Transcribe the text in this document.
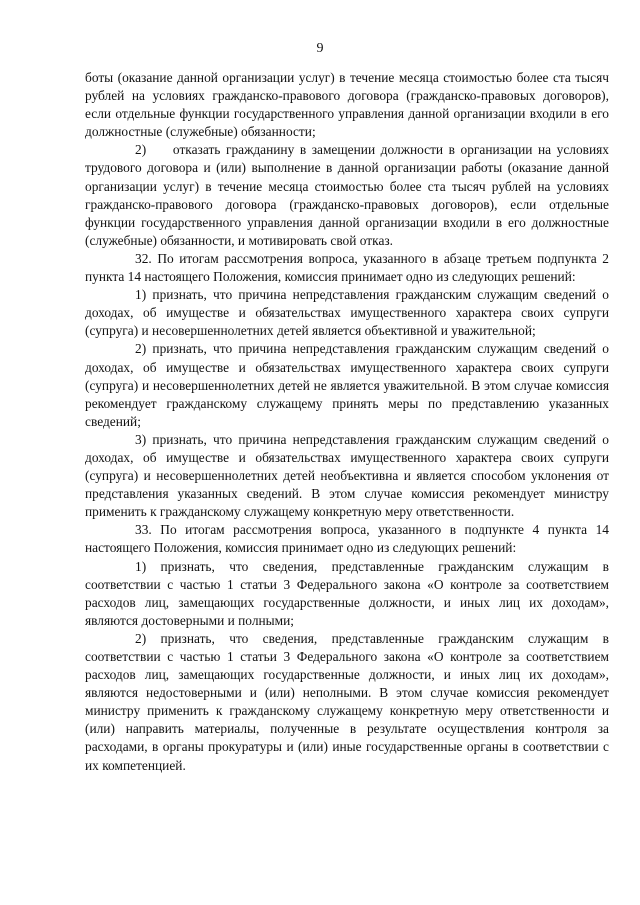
9

боты (оказание данной организации услуг) в течение месяца стоимостью более ста тысяч рублей на условиях гражданско-правового договора (гражданско-правовых договоров), если отдельные функции государственного управления данной организации входили в его должностные (служебные) обязанности;

2)  отказать гражданину в замещении должности в организации на условиях трудового договора и (или) выполнение в данной организации работы (оказание данной организации услуг) в течение месяца стоимостью более ста тысяч рублей на условиях гражданско-правового договора (гражданско-правовых договоров), если отдельные функции государственного управления данной организации входили в его должностные (служебные) обязанности, и мотивировать свой отказ.

32. По итогам рассмотрения вопроса, указанного в абзаце третьем подпункта 2 пункта 14 настоящего Положения, комиссия принимает одно из следующих решений:

1) признать, что причина непредставления гражданским служащим сведений о доходах, об имуществе и обязательствах имущественного характера своих супруги (супруга) и несовершеннолетних детей является объективной и уважительной;

2) признать, что причина непредставления гражданским служащим сведений о доходах, об имуществе и обязательствах имущественного характера своих супруги (супруга) и несовершеннолетних детей не является уважительной. В этом случае комиссия рекомендует гражданскому служащему принять меры по представлению указанных сведений;

3) признать, что причина непредставления гражданским служащим сведений о доходах, об имуществе и обязательствах имущественного характера своих супруги (супруга) и несовершеннолетних детей необъективна и является способом уклонения от представления указанных сведений. В этом случае комиссия рекомендует министру применить к гражданскому служащему конкретную меру ответственности.

33. По итогам рассмотрения вопроса, указанного в подпункте 4 пункта 14 настоящего Положения, комиссия принимает одно из следующих решений:

1) признать, что сведения, представленные гражданским служащим в соответствии с частью 1 статьи 3 Федерального закона «О контроле за соответствием расходов лиц, замещающих государственные должности, и иных лиц их доходам», являются достоверными и полными;

2) признать, что сведения, представленные гражданским служащим в соответствии с частью 1 статьи 3 Федерального закона «О контроле за соответствием расходов лиц, замещающих государственные должности, и иных лиц их доходам», являются недостоверными и (или) неполными. В этом случае комиссия рекомендует министру применить к гражданскому служащему конкретную меру ответственности и (или) направить материалы, полученные в результате осуществления контроля за расходами, в органы прокуратуры и (или) иные государственные органы в соответствии с их компетенцией.
